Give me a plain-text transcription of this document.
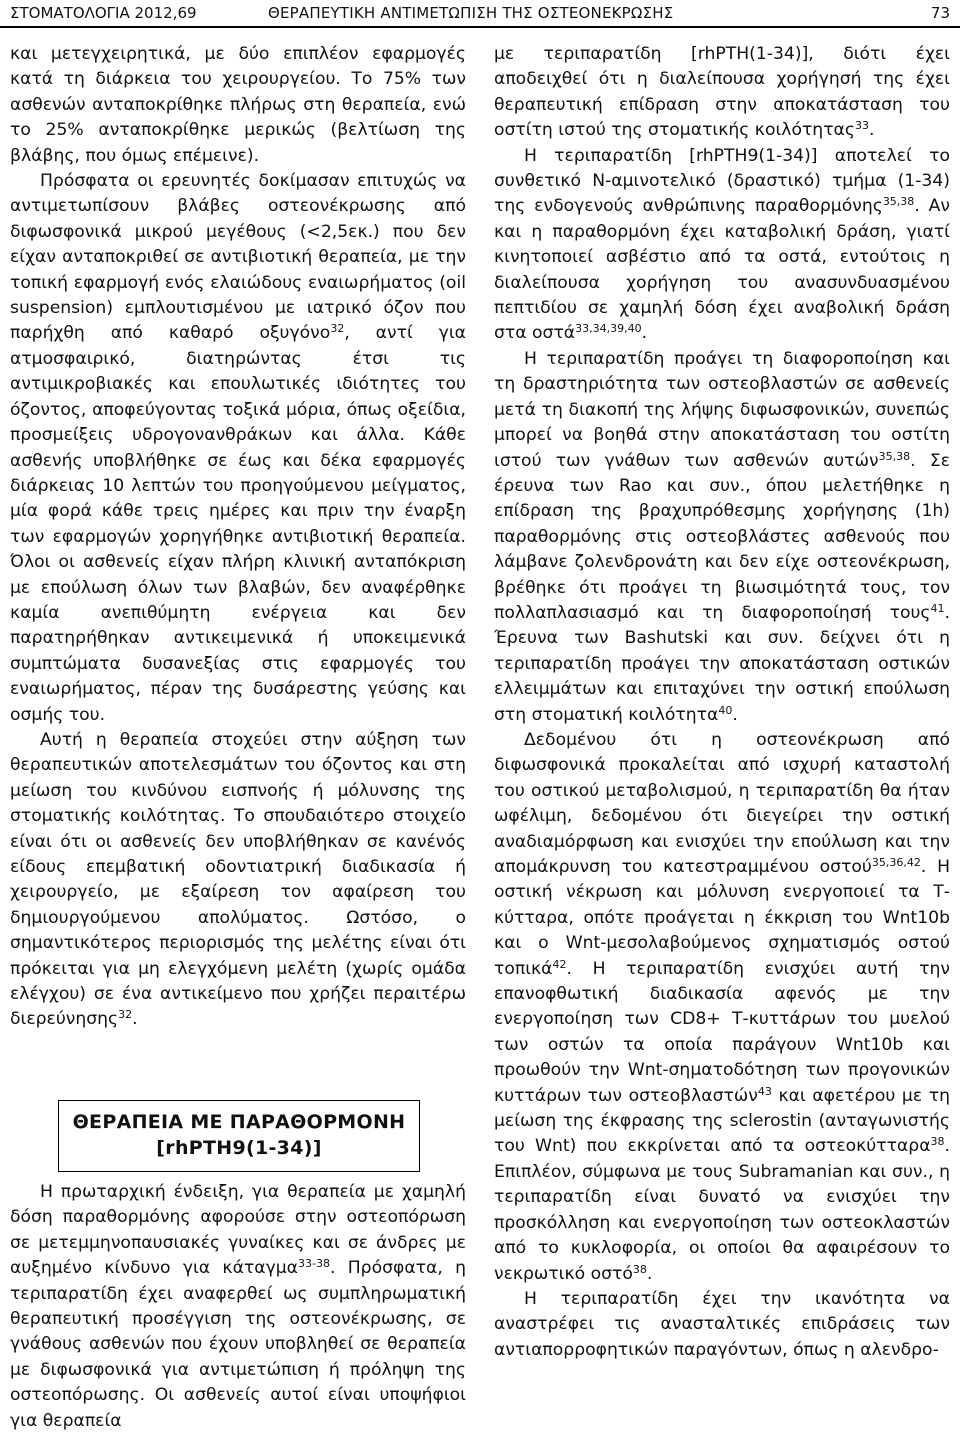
ΣΤΟΜΑΤΟΛΟΓΙΑ 2012,69	ΘΕΡΑΠΕΥΤΙΚΗ ΑΝΤΙΜΕΤΩΠΙΣΗ ΤΗΣ ΟΣΤΕΟΝΕΚΡΩΣΗΣ	73

και μετεγχειρητικά, με δύο επιπλέον εφαρμογές κατά τη διάρκεια του χειρουργείου. Το 75% των ασθενών ανταποκρίθηκε πλήρως στη θεραπεία, ενώ το 25% ανταποκρίθηκε μερικώς (βελτίωση της βλάβης, που όμως επέμεινε).

Πρόσφατα οι ερευνητές δοκίμασαν επιτυχώς να αντιμετωπίσουν βλάβες οστεονέκρωσης από διφωσφονικά μικρού μεγέθους (<2,5εκ.) που δεν είχαν ανταποκριθεί σε αντιβιοτική θεραπεία, με την τοπική εφαρμογή ενός ελαιώδους εναιωρήματος (oil suspension) εμπλουτισμένου με ιατρικό όζον που παρήχθη από καθαρό οξυγόνο$^{32}$, αντί για ατμοσφαιρικό, διατηρώντας έτσι τις αντιμικροβιακές και επουλωτικές ιδιότητες του όζοντος, αποφεύγοντας τοξικά μόρια, όπως οξείδια, προσμείξεις υδρογονανθράκων και άλλα. Κάθε ασθενής υποβλήθηκε σε έως και δέκα εφαρμογές διάρκειας 10 λεπτών του προηγούμενου μείγματος, μία φορά κάθε τρεις ημέρες και πριν την έναρξη των εφαρμογών χορηγήθηκε αντιβιοτική θεραπεία. Όλοι οι ασθενείς είχαν πλήρη κλινική ανταπόκριση με επούλωση όλων των βλαβών, δεν αναφέρθηκε καμία ανεπιθύμητη ενέργεια και δεν παρατηρήθηκαν αντικειμενικά ή υποκειμενικά συμπτώματα δυσανεξίας στις εφαρμογές του εναιωρήματος, πέραν της δυσάρεστης γεύσης και οσμής του.

Αυτή η θεραπεία στοχεύει στην αύξηση των θεραπευτικών αποτελεσμάτων του όζοντος και στη μείωση του κινδύνου εισπνοής ή μόλυνσης της στοματικής κοιλότητας. Το σπουδαιότερο στοιχείο είναι ότι οι ασθενείς δεν υποβλήθηκαν σε κανένός είδους επεμβατική οδοντιατρική διαδικασία ή χειρουργείο, με εξαίρεση τον αφαίρεση του δημιουργούμενου απολύματος. Ωστόσο, ο σημαντικότερος περιορισμός της μελέτης είναι ότι πρόκειται για μη ελεγχόμενη μελέτη (χωρίς ομάδα ελέγχου) σε ένα αντικείμενο που χρήζει περαιτέρω διερεύνησης$^{32}$.

ΘΕΡΑΠΕΙΑ ΜΕ ΠΑΡΑΘΟΡΜΟΝΗ
[rhPTH9(1-34)]

Η πρωταρχική ένδειξη, για θεραπεία με χαμηλή δόση παραθορμόνης αφορούσε στην οστεοπόρωση σε μετεμμηνοπαυσιακές γυναίκες και σε άνδρες με αυξημένο κίνδυνο για κάταγμα$^{33-38}$. Πρόσφατα, η τεριπαρατίδη έχει αναφερθεί ως συμπληρωματική θεραπευτική προσέγγιση της οστεονέκρωσης, σε γνάθους ασθενών που έχουν υποβληθεί σε θεραπεία με διφωσφονικά για αντιμετώπιση ή πρόληψη της οστεοπόρωσης. Οι ασθενείς αυτοί είναι υποψήφιοι για θεραπεία

με τεριπαρατίδη [rhPTH(1-34)], διότι έχει αποδειχθεί ότι η διαλείπουσα χορήγησή της έχει θεραπευτική επίδραση στην αποκατάσταση του οστίτη ιστού της στοματικής κοιλότητας$^{33}$.

Η τεριπαρατίδη [rhPTH9(1-34)] αποτελεί το συνθετικό N-αμινοτελικό (δραστικό) τμήμα (1-34) της ενδογενούς ανθρώπινης παραθορμόνης$^{35,38}$. Αν και η παραθορμόνη έχει καταβολική δράση, γιατί κινητοποιεί ασβέστιο από τα οστά, εντούτοις η διαλείπουσα χορήγηση του ανασυνδυασμένου πεπτιδίου σε χαμηλή δόση έχει αναβολική δράση στα οστά$^{33,34,39,40}$.

Η τεριπαρατίδη προάγει τη διαφοροποίηση και τη δραστηριότητα των οστεοβλαστών σε ασθενείς μετά τη διακοπή της λήψης διφωσφονικών, συνεπώς μπορεί να βοηθά στην αποκατάσταση του οστίτη ιστού των γνάθων των ασθενών αυτών$^{35,38}$. Σε έρευνα των Rao και συν., όπου μελετήθηκε η επίδραση της βραχυπρόθεσμης χορήγησης (1h) παραθορμόνης στις οστεοβλάστες ασθενούς που λάμβανε ζολενδρονάτη και δεν είχε οστεονέκρωση, βρέθηκε ότι προάγει τη βιωσιμότητά τους, τον πολλαπλασιασμό και τη διαφοροποίησή τους$^{41}$. Έρευνα των Bashutski και συν. δείχνει ότι η τεριπαρατίδη προάγει την αποκατάσταση οστικών ελλειμμάτων και επιταχύνει την οστική επούλωση στη στοματική κοιλότητα$^{40}$.

Δεδομένου ότι η οστεονέκρωση από διφωσφονικά προκαλείται από ισχυρή καταστολή του οστικού μεταβολισμού, η τεριπαρατίδη θα ήταν ωφέλιμη, δεδομένου ότι διεγείρει την οστική αναδιαμόρφωση και ενισχύει την επούλωση και την απομάκρυνση του κατεστραμμένου οστού$^{35,36,42}$. Η οστική νέκρωση και μόλυνση ενεργοποιεί τα Τ-κύτταρα, οπότε προάγεται η έκκριση του Wnt10b και ο Wnt-μεσολαβούμενος σχηματισμός οστού τοπικά$^{42}$. Η τεριπαρατίδη ενισχύει αυτή την επανοφθωτική διαδικασία αφενός με την ενεργοποίηση των CD8+ Τ-κυττάρων του μυελού των οστών τα οποία παράγουν Wnt10b και προωθούν την Wnt-σηματοδότηση των προγονικών κυττάρων των οστεοβλαστών$^{43}$ και αφετέρου με τη μείωση της έκφρασης της sclerostin (ανταγωνιστής του Wnt) που εκκρίνεται από τα οστεοκύτταρα$^{38}$. Επιπλέον, σύμφωνα με τους Subramanian και συν., η τεριπαρατίδη είναι δυνατό να ενισχύει την προσκόλληση και ενεργοποίηση των οστεοκλαστών από το κυκλοφορία, οι οποίοι θα αφαιρέσουν το νεκρωτικό οστό$^{38}$.

Η τεριπαρατίδη έχει την ικανότητα να αναστρέφει τις ανασταλτικές επιδράσεις των αντιαπορροφητικών παραγόντων, όπως η αλενδρο-
